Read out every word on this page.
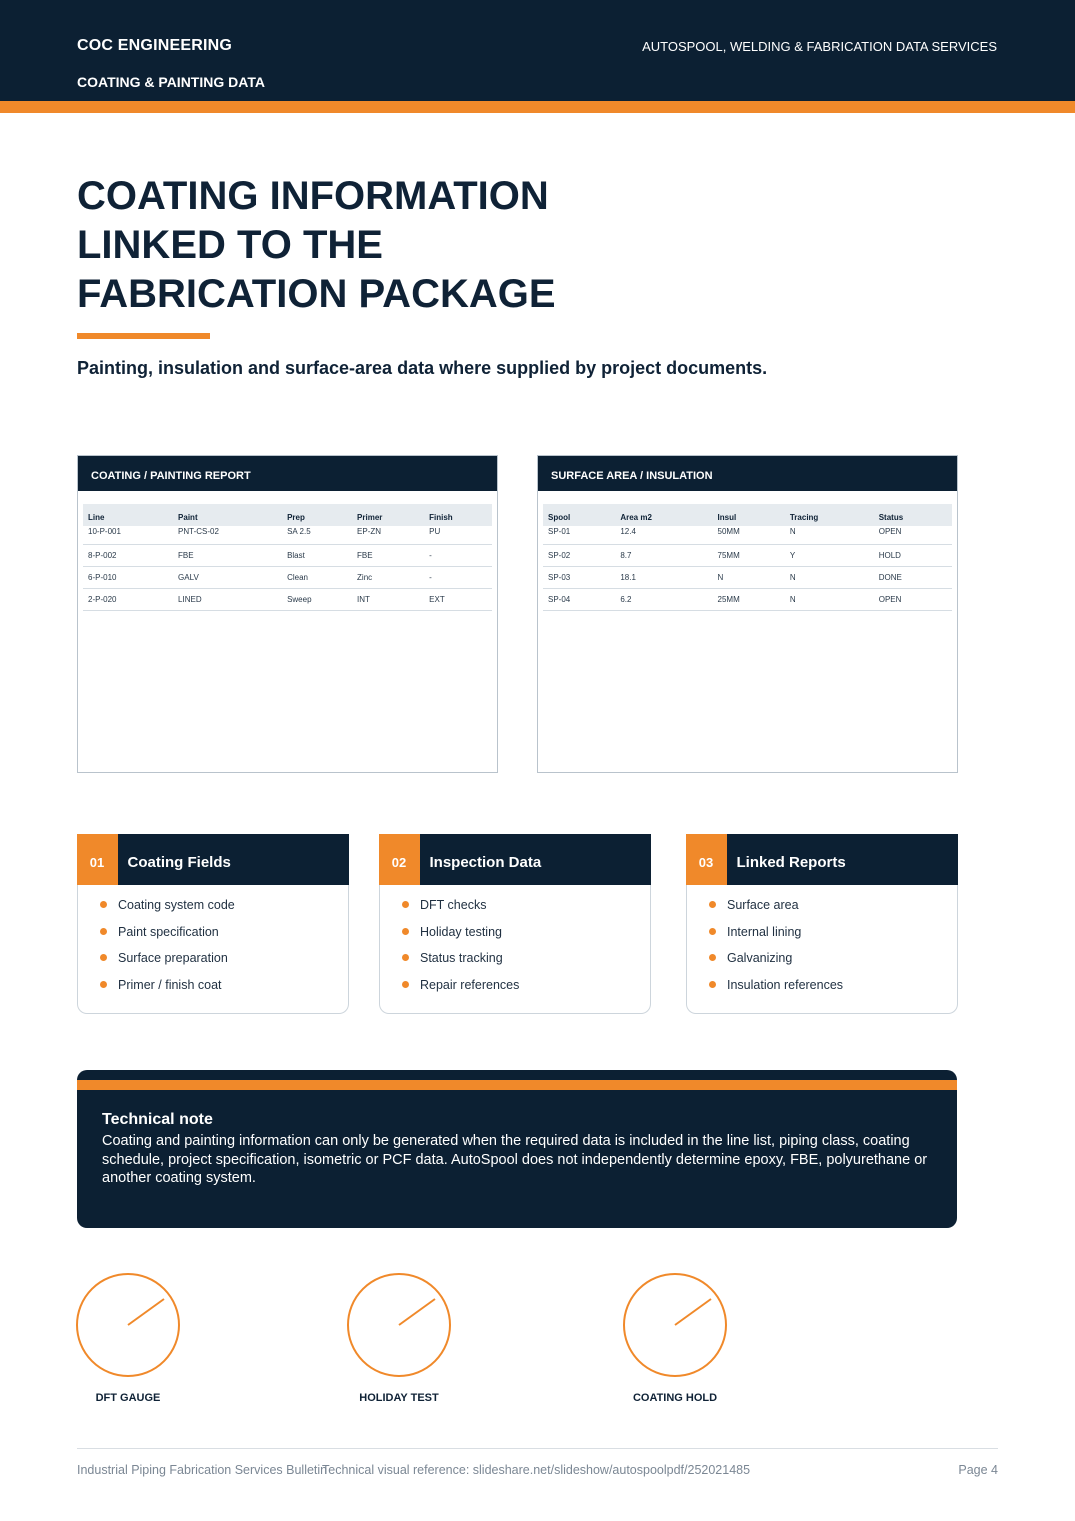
COC ENGINEERING
COATING & PAINTING DATA
AUTOSPOOL, WELDING & FABRICATION DATA SERVICES
COATING INFORMATION
LINKED TO THE
FABRICATION PACKAGE
Painting, insulation and surface-area data where supplied by project documents.
COATING / PAINTING REPORT
Line	Paint	Prep	Primer	Finish
10-P-001	PNT-CS-02	SA 2.5	EP-ZN	PU
8-P-002	FBE	Blast	FBE	-
6-P-010	GALV	Clean	Zinc	-
2-P-020	LINED	Sweep	INT	EXT
SURFACE AREA / INSULATION
Spool	Area m2	Insul	Tracing	Status
SP-01	12.4	50MM	N	OPEN
SP-02	8.7	75MM	Y	HOLD
SP-03	18.1	N	N	DONE
SP-04	6.2	25MM	N	OPEN
01	Coating Fields
Coating system code
Paint specification
Surface preparation
Primer / finish coat
02	Inspection Data
DFT checks
Holiday testing
Status tracking
Repair references
03	Linked Reports
Surface area
Internal lining
Galvanizing
Insulation references
Technical note
Coating and painting information can only be generated when the required data is included in the line list, piping class, coating schedule, project specification, isometric or PCF data. AutoSpool does not independently determine epoxy, FBE, polyurethane or another coating system.
DFT GAUGE	HOLIDAY TEST	COATING HOLD
Industrial Piping Fabrication Services Bulletin
Technical visual reference: slideshare.net/slideshow/autospoolpdf/252021485	Page 4
